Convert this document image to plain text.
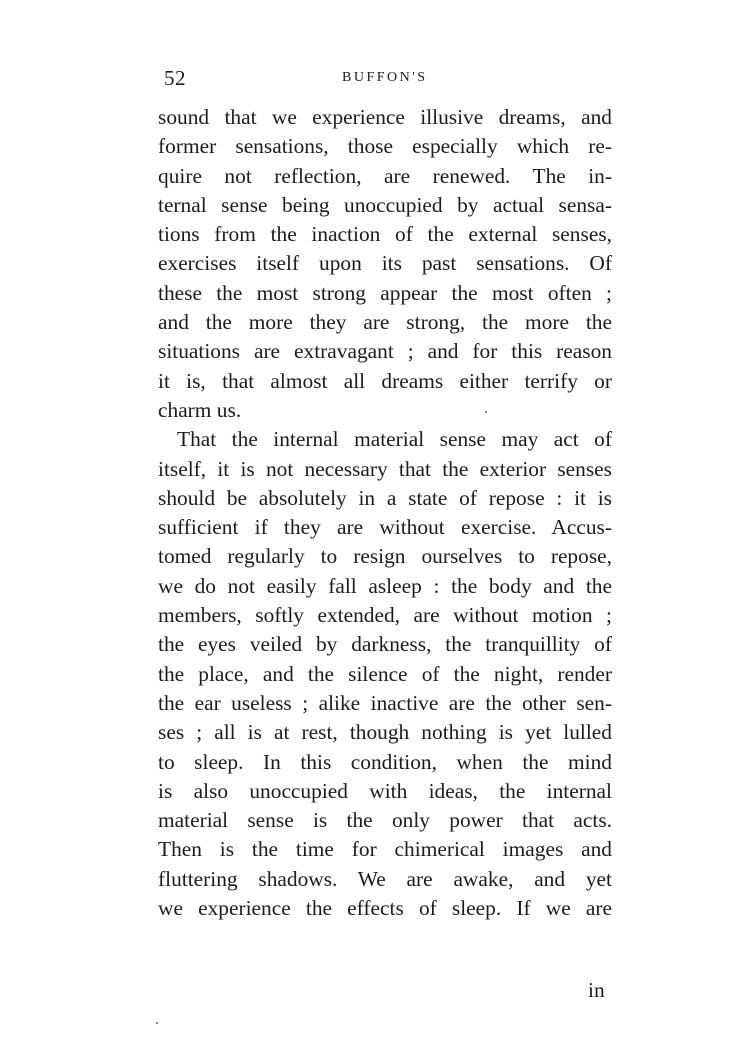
52	BUFFON'S
sound that we experience illusive dreams, and
former sensations, those especially which re-
quire not reflection, are renewed. The in-
ternal sense being unoccupied by actual sensa-
tions from the inaction of the external senses,
exercises itself upon its past sensations. Of
these the most strong appear the most often ;
and the more they are strong, the more the
situations are extravagant ; and for this reason
it is, that almost all dreams either terrify or
charm us.
That the internal material sense may act of
itself, it is not necessary that the exterior senses
should be absolutely in a state of repose : it is
sufficient if they are without exercise. Accus-
tomed regularly to resign ourselves to repose,
we do not easily fall asleep : the body and the
members, softly extended, are without motion ;
the eyes veiled by darkness, the tranquillity of
the place, and the silence of the night, render
the ear useless ; alike inactive are the other sen-
ses ; all is at rest, though nothing is yet lulled
to sleep. In this condition, when the mind
is also unoccupied with ideas, the internal
material sense is the only power that acts.
Then is the time for chimerical images and
fluttering shadows. We are awake, and yet
we experience the effects of sleep. If we are
in
